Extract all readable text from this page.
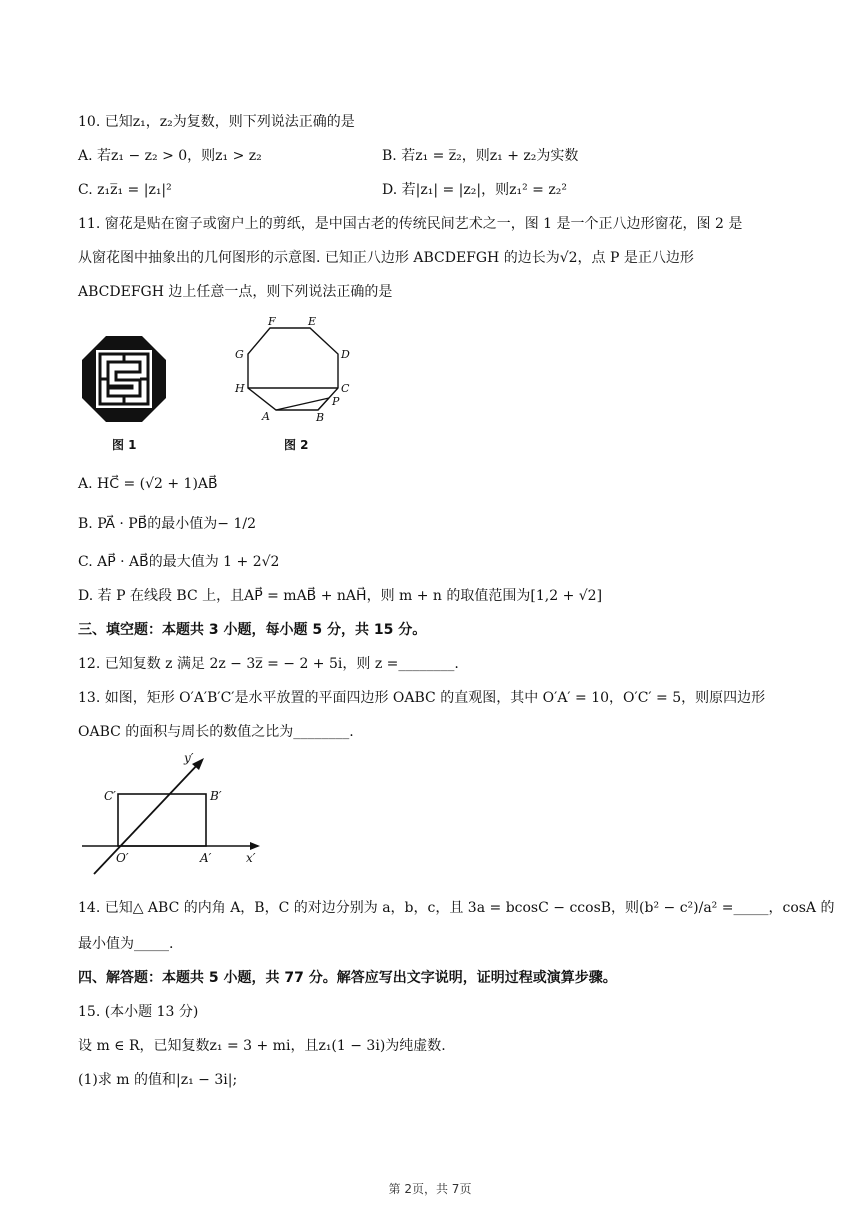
10. 已知z₁，z₂为复数，则下列说法正确的是
A. 若z₁ − z₂ > 0，则z₁ > z₂	B. 若z₁ = z̅₂，则z₁ + z₂为实数
C. z₁z̅₁ = |z₁|²	D. 若|z₁| = |z₂|，则z₁² = z₂²
11. 窗花是贴在窗子或窗户上的剪纸，是中国古老的传统民间艺术之一，图 1 是一个正八边形窗花，图 2 是
从窗花图中抽象出的几何图形的示意图. 已知正八边形 ABCDEFGH 的边长为√2，点 P 是正八边形
ABCDEFGH 边上任意一点，则下列说法正确的是
图 1
F	E
D
C
P
B
A
H
G
图 2
A. HC⃗ = (√2 + 1)AB⃗
B. PA⃗ · PB⃗的最小值为− 1/2
C. AP⃗ · AB⃗的最大值为 1 + 2√2
D. 若 P 在线段 BC 上，且AP⃗ = mAB⃗ + nAH⃗，则 m + n 的取值范围为[1,2 + √2]
三、填空题：本题共 3 小题，每小题 5 分，共 15 分。
12. 已知复数 z 满足 2z − 3z̅ = − 2 + 5i，则 z =________.
13. 如图，矩形 O′A′B′C′是水平放置的平面四边形 OABC 的直观图，其中 O′A′ = 10，O′C′ = 5，则原四边形
OABC 的面积与周长的数值之比为________.
y′
x′
O′	A′
B′
C′
14. 已知△ ABC 的内角 A，B，C 的对边分别为 a，b，c，且 3a = bcosC − ccosB，则(b² − c²)/a² =_____，cosA 的
最小值为_____.
四、解答题：本题共 5 小题，共 77 分。解答应写出文字说明，证明过程或演算步骤。
15. (本小题 13 分)
设 m ∈ R，已知复数z₁ = 3 + mi，且z₁(1 − 3i)为纯虚数.
(1)求 m 的值和|z₁ − 3i|;
第 2页，共 7页
